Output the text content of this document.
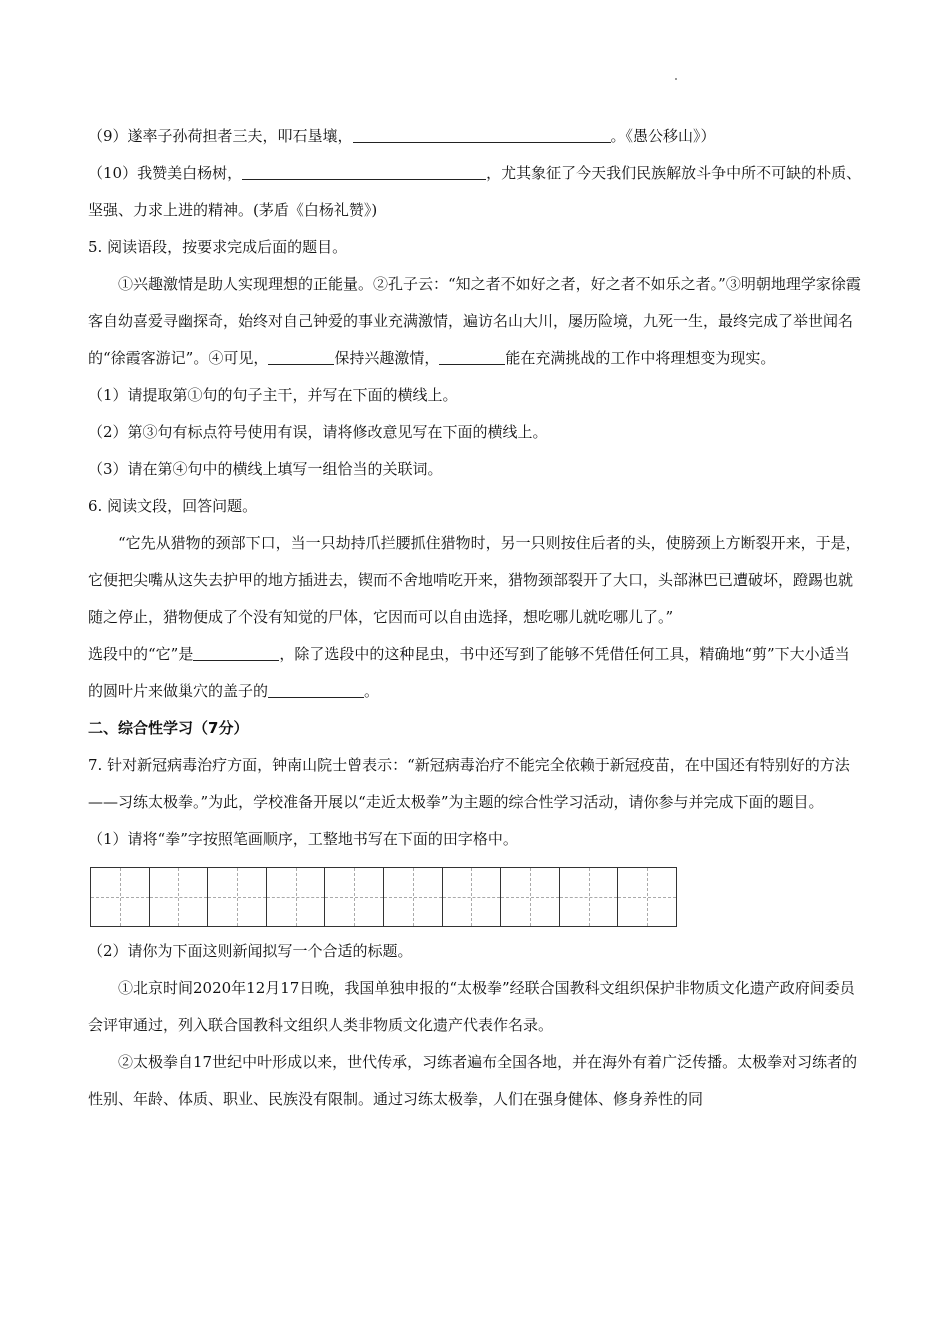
（9）遂率子孙荷担者三夫，叩石垦壤，	。《愚公移山》）

（10）我赞美白杨树，	，尤其象征了今天我们民族解放斗争中所不可缺的朴质、坚强、力求上进的精神。(茅盾《白杨礼赞》)

5. 阅读语段，按要求完成后面的题目。

①兴趣激情是助人实现理想的正能量。②孔子云：“知之者不如好之者，好之者不如乐之者。”③明朝地理学家徐霞客自幼喜爱寻幽探奇，始终对自己钟爱的事业充满激情，遍访名山大川，屡历险境，九死一生，最终完成了举世闻名的“徐霞客游记”。④可见，	保持兴趣激情，	能在充满挑战的工作中将理想变为现实。

（1）请提取第①句的句子主干，并写在下面的横线上。

（2）第③句有标点符号使用有误，请将修改意见写在下面的横线上。

（3）请在第④句中的横线上填写一组恰当的关联词。

6. 阅读文段，回答问题。

“它先从猎物的颈部下口，当一只劫持爪拦腰抓住猎物时，另一只则按住后者的头，使膀颈上方断裂开来，于是，它便把尖嘴从这失去护甲的地方插进去，锲而不舍地啃吃开来，猎物颈部裂开了大口，头部淋巴已遭破坏，蹬踢也就随之停止，猎物便成了个没有知觉的尸体，它因而可以自由选择，想吃哪儿就吃哪儿了。”

选段中的“它”是	，除了选段中的这种昆虫，书中还写到了能够不凭借任何工具，精确地“剪”下大小适当的圆叶片来做巢穴的盖子的	。

二、综合性学习（7分）

7. 针对新冠病毒治疗方面，钟南山院士曾表示：“新冠病毒治疗不能完全依赖于新冠疫苗，在中国还有特别好的方法——习练太极拳。”为此，学校准备开展以“走近太极拳”为主题的综合性学习活动，请你参与并完成下面的题目。

（1）请将“拳”字按照笔画顺序，工整地书写在下面的田字格中。

（2）请你为下面这则新闻拟写一个合适的标题。

①北京时间2020年12月17日晚，我国单独申报的“太极拳”经联合国教科文组织保护非物质文化遗产政府间委员会评审通过，列入联合国教科文组织人类非物质文化遗产代表作名录。

②太极拳自17世纪中叶形成以来，世代传承，习练者遍布全国各地，并在海外有着广泛传播。太极拳对习练者的性别、年龄、体质、职业、民族没有限制。通过习练太极拳，人们在强身健体、修身养性的同
